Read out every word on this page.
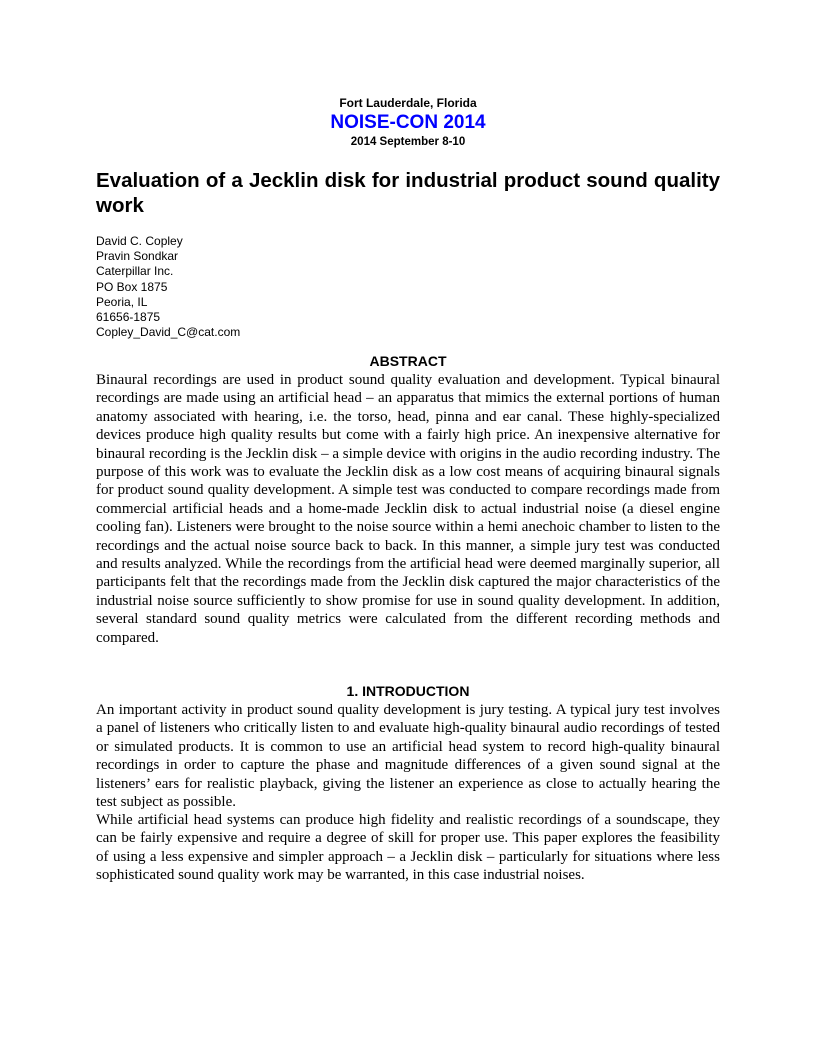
Fort Lauderdale, Florida
NOISE-CON 2014
2014 September 8-10
Evaluation of a Jecklin disk for industrial product sound quality work
David C. Copley
Pravin Sondkar
Caterpillar Inc.
PO Box 1875
Peoria, IL
61656-1875
Copley_David_C@cat.com
ABSTRACT

Binaural recordings are used in product sound quality evaluation and development. Typical binaural recordings are made using an artificial head – an apparatus that mimics the external portions of human anatomy associated with hearing, i.e. the torso, head, pinna and ear canal. These highly-specialized devices produce high quality results but come with a fairly high price. An inexpensive alternative for binaural recording is the Jecklin disk – a simple device with origins in the audio recording industry. The purpose of this work was to evaluate the Jecklin disk as a low cost means of acquiring binaural signals for product sound quality development. A simple test was conducted to compare recordings made from commercial artificial heads and a home-made Jecklin disk to actual industrial noise (a diesel engine cooling fan). Listeners were brought to the noise source within a hemi anechoic chamber to listen to the recordings and the actual noise source back to back. In this manner, a simple jury test was conducted and results analyzed. While the recordings from the artificial head were deemed marginally superior, all participants felt that the recordings made from the Jecklin disk captured the major characteristics of the industrial noise source sufficiently to show promise for use in sound quality development. In addition, several standard sound quality metrics were calculated from the different recording methods and compared.

1. INTRODUCTION

An important activity in product sound quality development is jury testing. A typical jury test involves a panel of listeners who critically listen to and evaluate high-quality binaural audio recordings of tested or simulated products. It is common to use an artificial head system to record high-quality binaural recordings in order to capture the phase and magnitude differences of a given sound signal at the listeners’ ears for realistic playback, giving the listener an experience as close to actually hearing the test subject as possible.

While artificial head systems can produce high fidelity and realistic recordings of a soundscape, they can be fairly expensive and require a degree of skill for proper use. This paper explores the feasibility of using a less expensive and simpler approach – a Jecklin disk – particularly for situations where less sophisticated sound quality work may be warranted, in this case industrial noises.
